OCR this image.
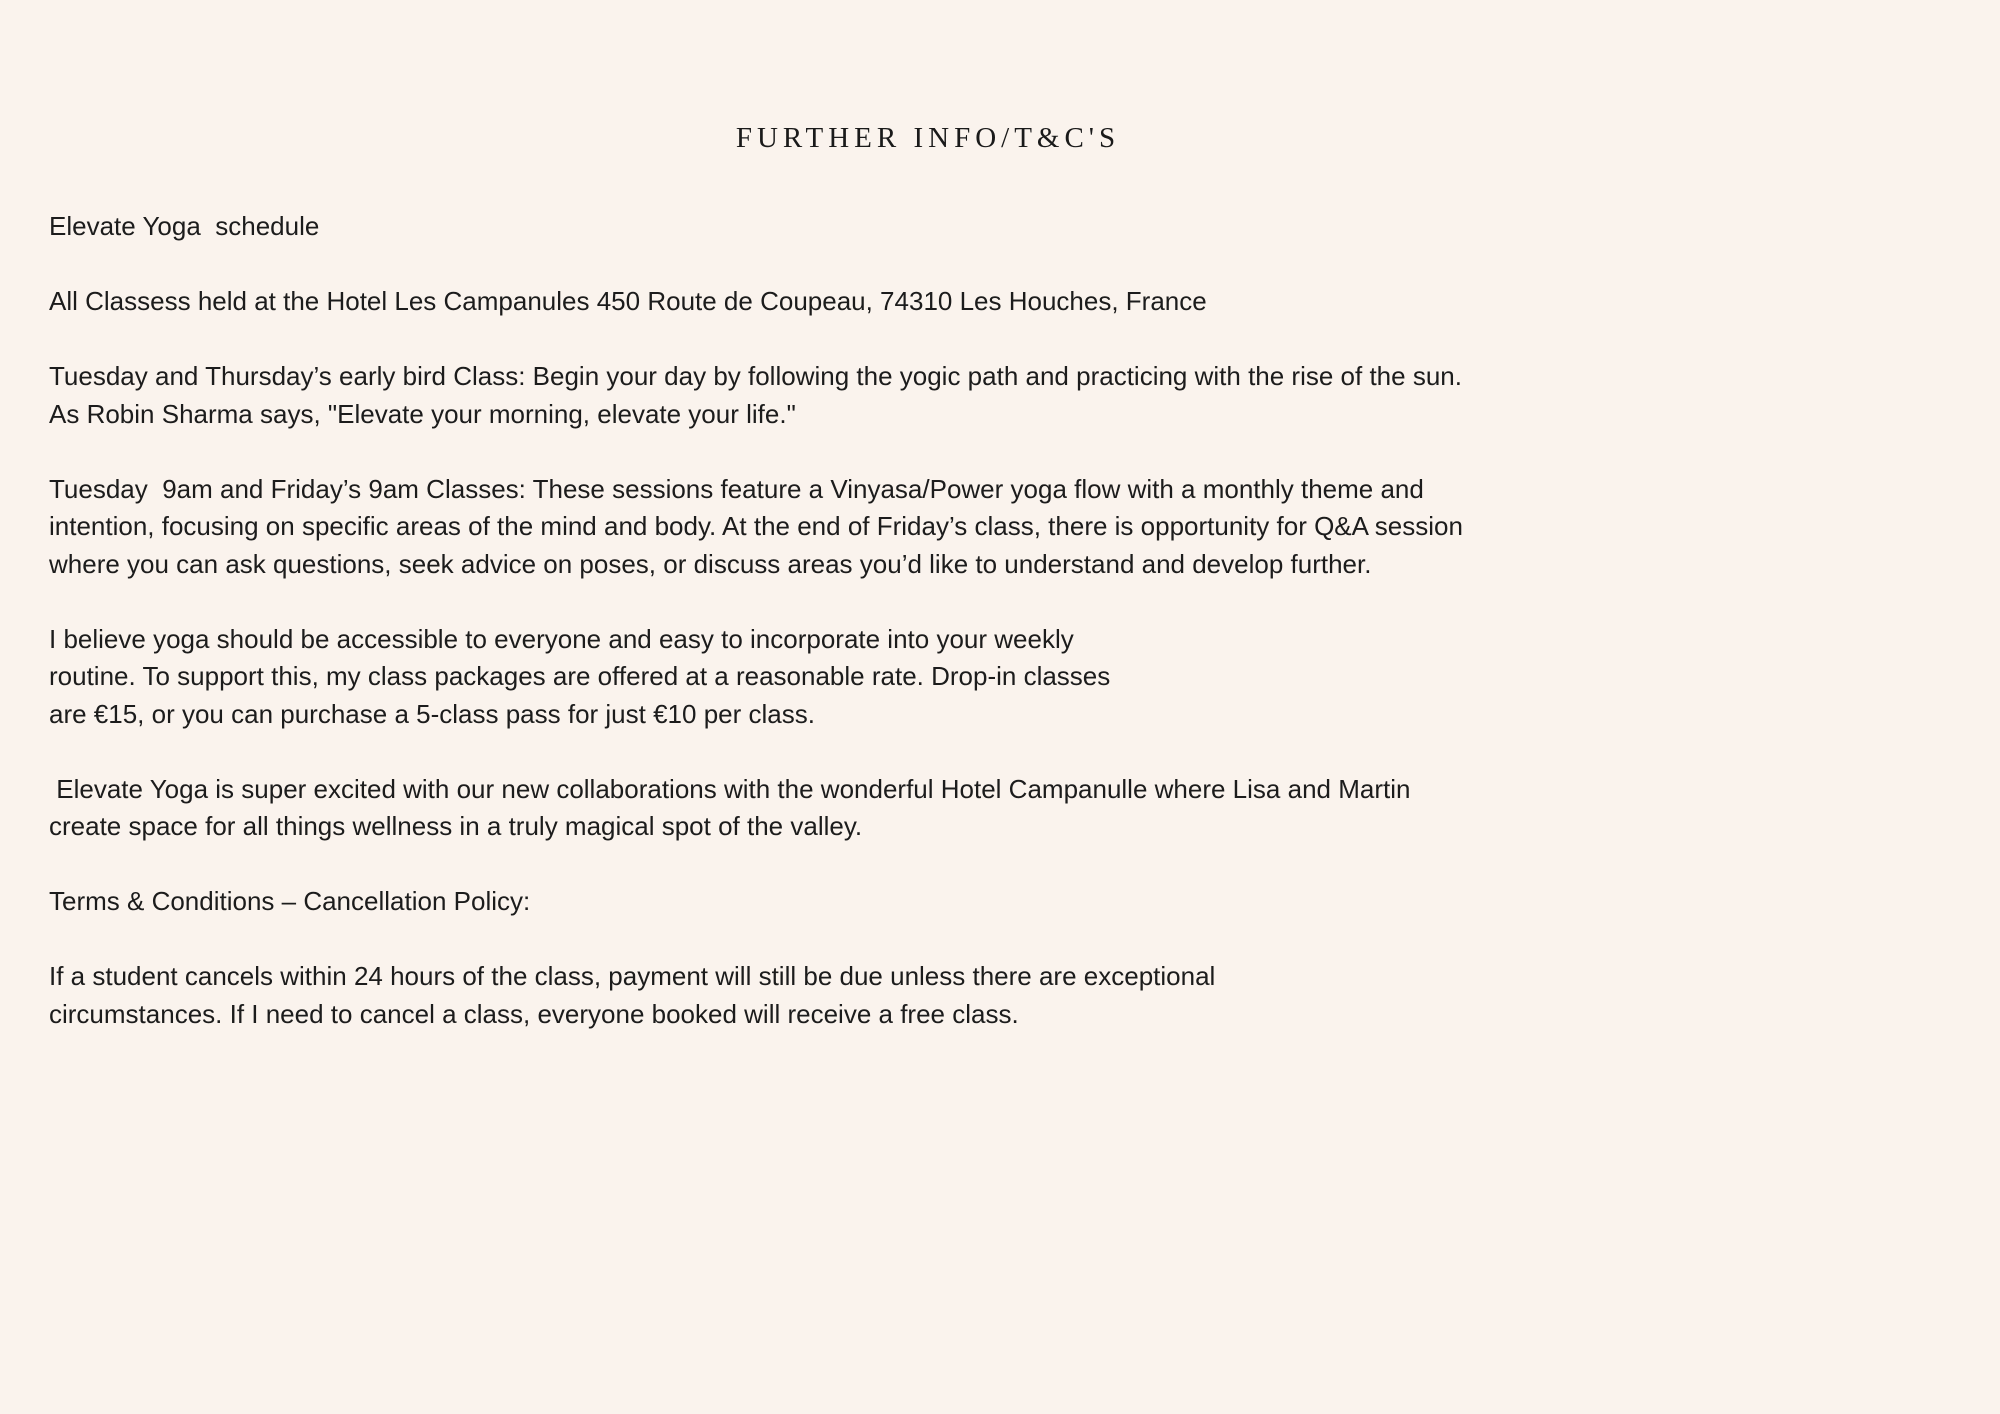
FURTHER INFO/T&C'S

Elevate Yoga  schedule

All Classess held at the Hotel Les Campanules 450 Route de Coupeau, 74310 Les Houches, France

Tuesday and Thursday’s early bird Class: Begin your day by following the yogic path and practicing with the rise of the sun. As Robin Sharma says, "Elevate your morning, elevate your life."

Tuesday  9am and Friday’s 9am Classes: These sessions feature a Vinyasa/Power yoga flow with a monthly theme and intention, focusing on specific areas of the mind and body. At the end of Friday’s class, there is opportunity for Q&A session where you can ask questions, seek advice on poses, or discuss areas you’d like to understand and develop further.

I believe yoga should be accessible to everyone and easy to incorporate into your weekly
routine. To support this, my class packages are offered at a reasonable rate. Drop-in classes
are €15, or you can purchase a 5-class pass for just €10 per class.

Elevate Yoga is super excited with our new collaborations with the wonderful Hotel Campanulle where Lisa and Martin create space for all things wellness in a truly magical spot of the valley.

Terms & Conditions – Cancellation Policy:

If a student cancels within 24 hours of the class, payment will still be due unless there are exceptional circumstances. If I need to cancel a class, everyone booked will receive a free class.
